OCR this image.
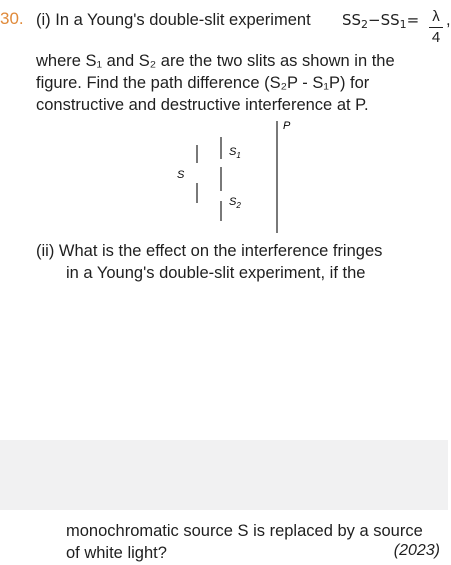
30. (i) In a Young's double-slit experiment $SS_2-SS_1= \lambda$
4
,
where S₁ and S₂ are the two slits as shown in the
figure. Find the path difference (S₂P - S₁P) for
constructive and destructive interference at P.
S
$S_1$
$S_2$
P
(ii) What is the effect on the interference fringes
in a Young's double-slit experiment, if the
monochromatic source S is replaced by a source
of white light?	(2023)
